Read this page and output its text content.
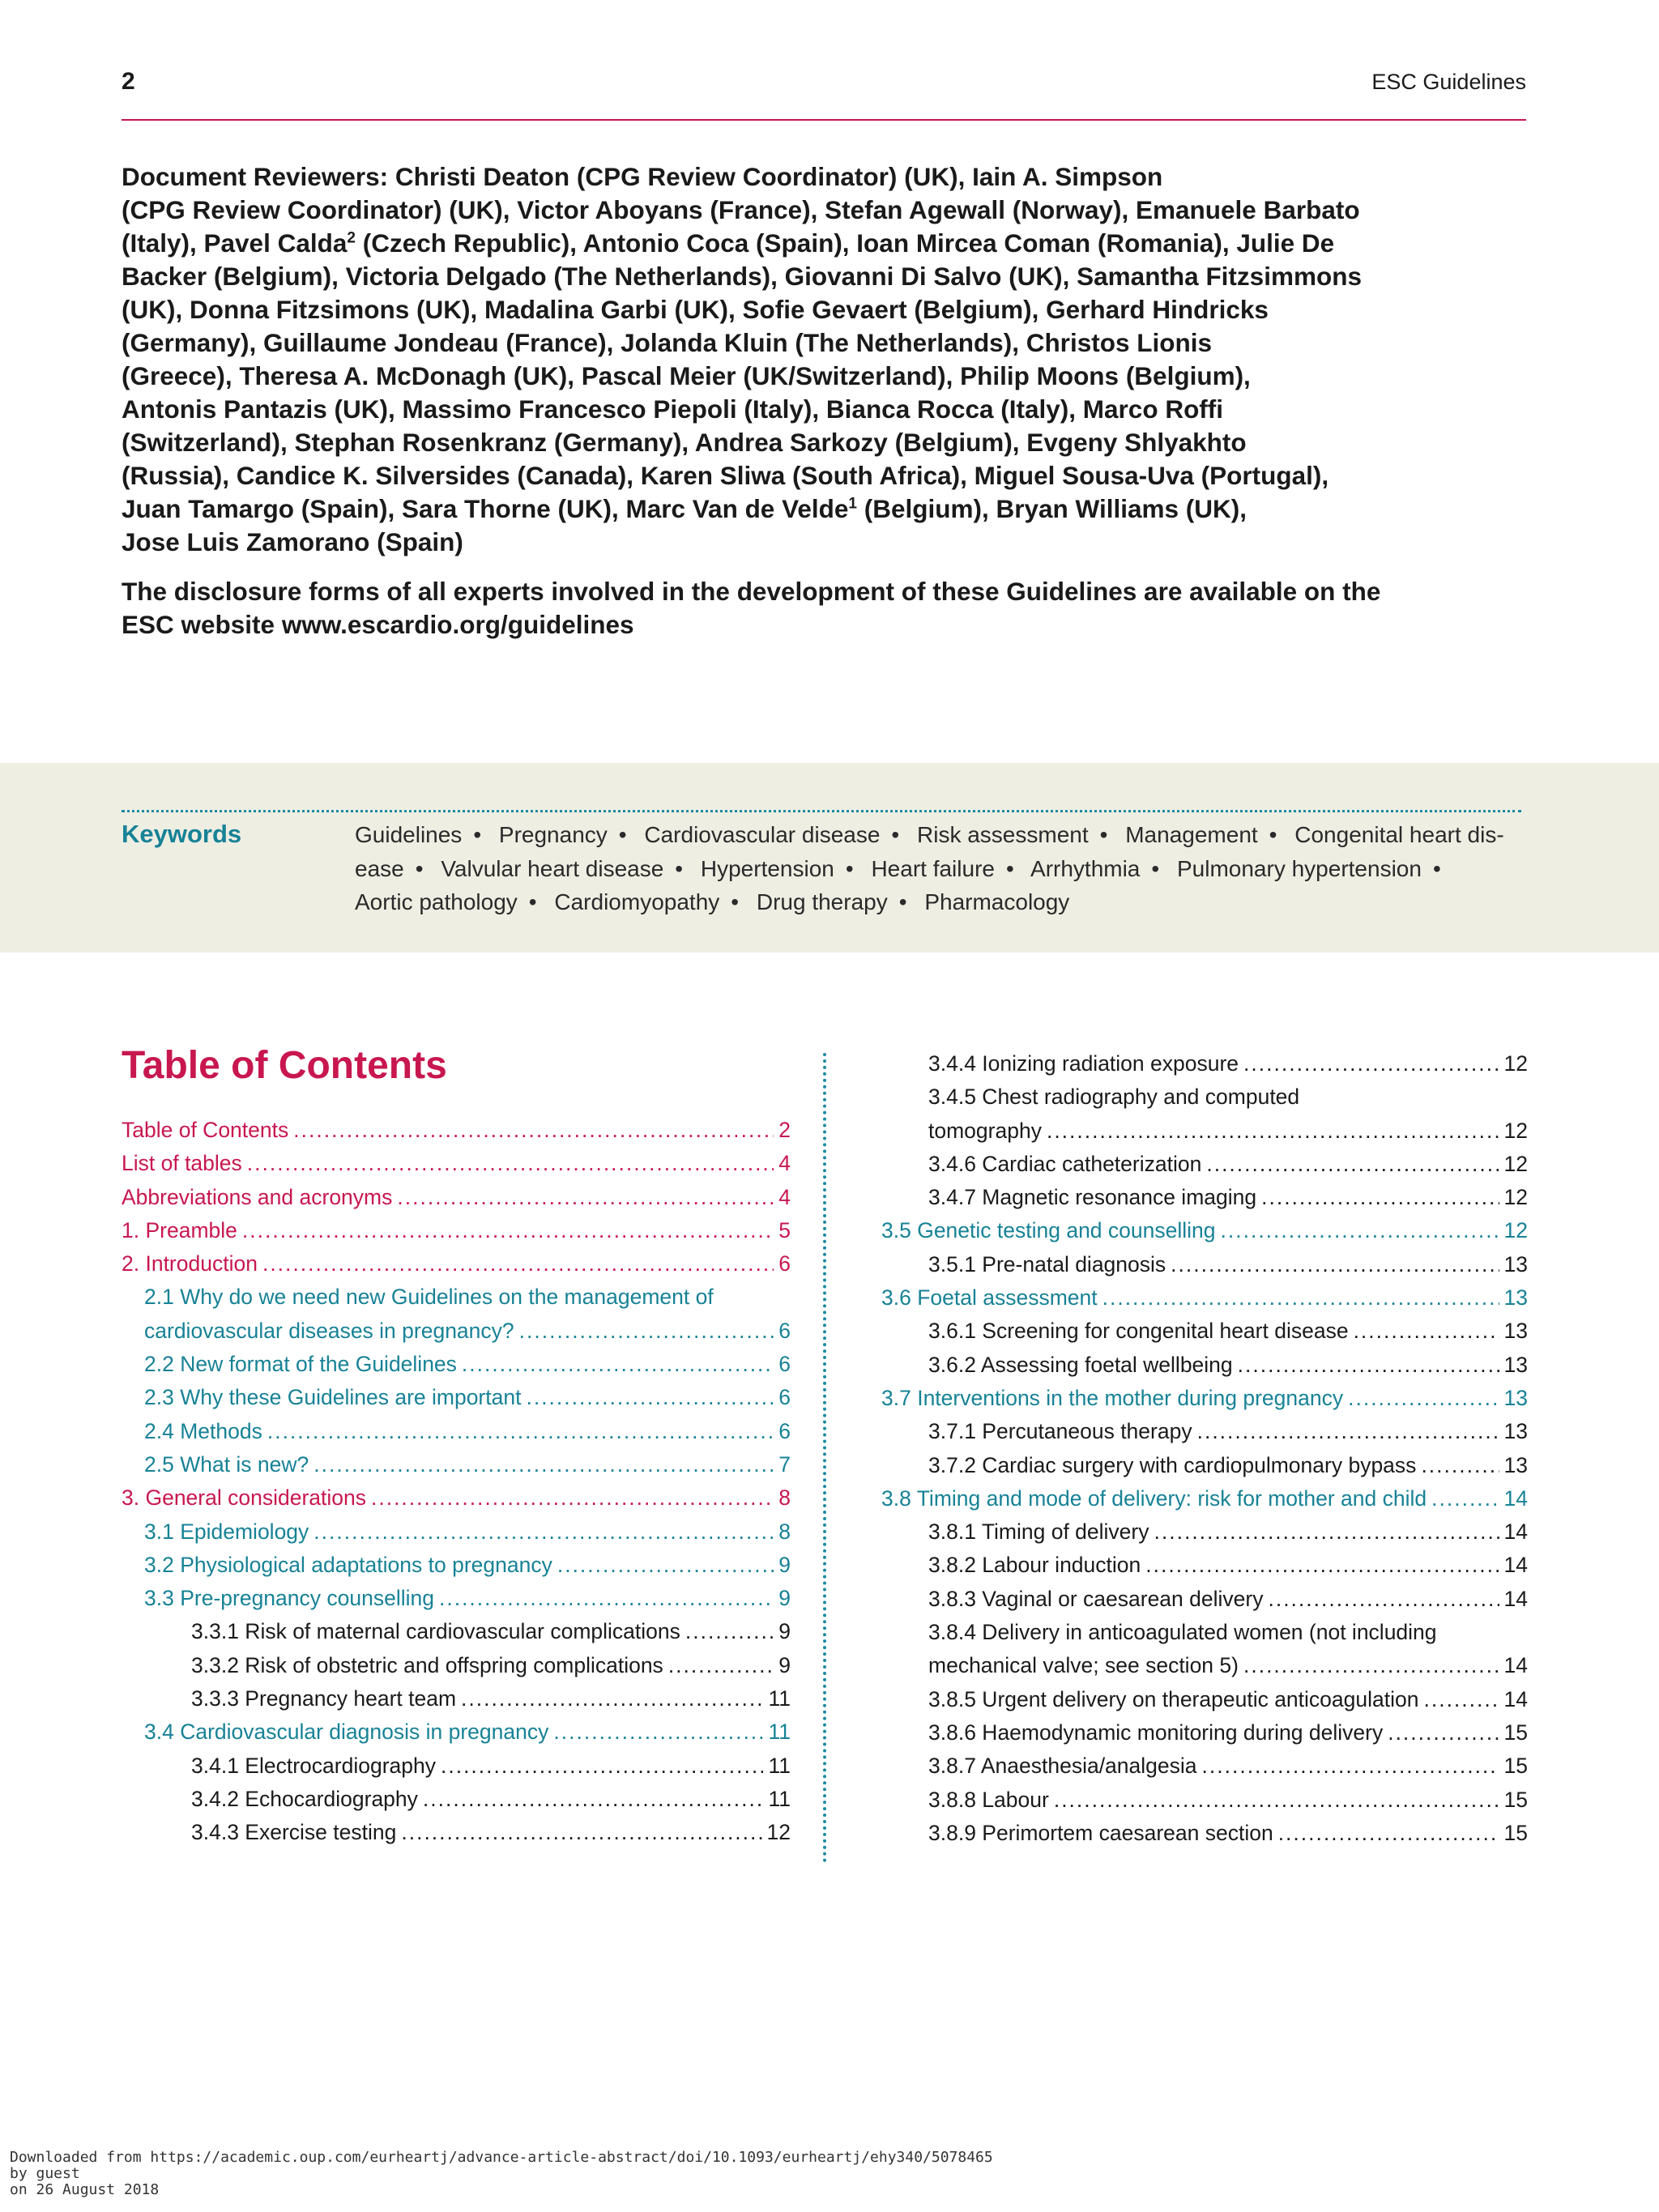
2	ESC Guidelines

Document Reviewers: Christi Deaton (CPG Review Coordinator) (UK), Iain A. Simpson
(CPG Review Coordinator) (UK), Victor Aboyans (France), Stefan Agewall (Norway), Emanuele Barbato
(Italy), Pavel Calda$^2$ (Czech Republic), Antonio Coca (Spain), Ioan Mircea Coman (Romania), Julie De
Backer (Belgium), Victoria Delgado (The Netherlands), Giovanni Di Salvo (UK), Samantha Fitzsimmons
(UK), Donna Fitzsimons (UK), Madalina Garbi (UK), Sofie Gevaert (Belgium), Gerhard Hindricks
(Germany), Guillaume Jondeau (France), Jolanda Kluin (The Netherlands), Christos Lionis
(Greece), Theresa A. McDonagh (UK), Pascal Meier (UK/Switzerland), Philip Moons (Belgium),
Antonis Pantazis (UK), Massimo Francesco Piepoli (Italy), Bianca Rocca (Italy), Marco Roffi
(Switzerland), Stephan Rosenkranz (Germany), Andrea Sarkozy (Belgium), Evgeny Shlyakhto
(Russia), Candice K. Silversides (Canada), Karen Sliwa (South Africa), Miguel Sousa-Uva (Portugal),
Juan Tamargo (Spain), Sara Thorne (UK), Marc Van de Velde$^1$ (Belgium), Bryan Williams (UK),
Jose Luis Zamorano (Spain)

The disclosure forms of all experts involved in the development of these Guidelines are available on the
ESC website www.escardio.org/guidelines

Keywords	Guidelines • Pregnancy • Cardiovascular disease • Risk assessment • Management • Congenital heart dis-
ease • Valvular heart disease • Hypertension • Heart failure • Arrhythmia • Pulmonary hypertension •
Aortic pathology • Cardiomyopathy • Drug therapy • Pharmacology
Table of Contents
Table of Contents .....	2
List of tables .....	4
Abbreviations and acronyms .....	4
1. Preamble .....	5
2. Introduction .....	6
2.1 Why do we need new Guidelines on the management of
cardiovascular diseases in pregnancy? .....	6
2.2 New format of the Guidelines .....	6
2.3 Why these Guidelines are important .....	6
2.4 Methods .....	6
2.5 What is new? .....	7
3. General considerations .....	8
3.1 Epidemiology .....	8
3.2 Physiological adaptations to pregnancy .....	9
3.3 Pre-pregnancy counselling .....	9
3.3.1 Risk of maternal cardiovascular complications .....	9
3.3.2 Risk of obstetric and offspring complications .....	9
3.3.3 Pregnancy heart team .....	11
3.4 Cardiovascular diagnosis in pregnancy .....	11
3.4.1 Electrocardiography .....	11
3.4.2 Echocardiography .....	11
3.4.3 Exercise testing .....	12
3.4.4 Ionizing radiation exposure .....	12
3.4.5 Chest radiography and computed
tomography .....	12
3.4.6 Cardiac catheterization .....	12
3.4.7 Magnetic resonance imaging .....	12
3.5 Genetic testing and counselling .....	12
3.5.1 Pre-natal diagnosis .....	13
3.6 Foetal assessment .....	13
3.6.1 Screening for congenital heart disease .....	13
3.6.2 Assessing foetal wellbeing .....	13
3.7 Interventions in the mother during pregnancy .....	13
3.7.1 Percutaneous therapy .....	13
3.7.2 Cardiac surgery with cardiopulmonary bypass .....	13
3.8 Timing and mode of delivery: risk for mother and child .....	14
3.8.1 Timing of delivery .....	14
3.8.2 Labour induction .....	14
3.8.3 Vaginal or caesarean delivery .....	14
3.8.4 Delivery in anticoagulated women (not including
mechanical valve; see section 5) .....	14
3.8.5 Urgent delivery on therapeutic anticoagulation .....	14
3.8.6 Haemodynamic monitoring during delivery .....	15
3.8.7 Anaesthesia/analgesia .....	15
3.8.8 Labour .....	15
3.8.9 Perimortem caesarean section .....	15
Downloaded from https://academic.oup.com/eurheartj/advance-article-abstract/doi/10.1093/eurheartj/ehy340/5078465
by guest
on 26 August 2018
